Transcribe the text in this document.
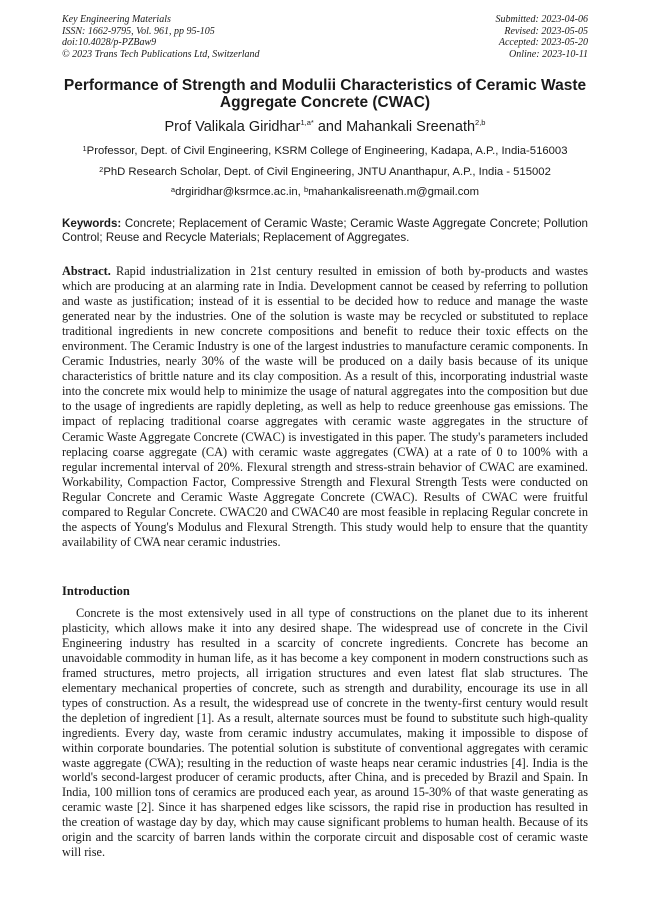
Key Engineering Materials
ISSN: 1662-9795, Vol. 961, pp 95-105
doi:10.4028/p-PZBaw9
© 2023 Trans Tech Publications Ltd, Switzerland
Submitted: 2023-04-06
Revised: 2023-05-05
Accepted: 2023-05-20
Online: 2023-10-11
Performance of Strength and Modulii Characteristics of Ceramic Waste
Aggregate Concrete (CWAC)
Prof Valikala Giridhar$^{1,a*}$ and Mahankali Sreenath$^{2,b}$
$^1$Professor, Dept. of Civil Engineering, KSRM College of Engineering, Kadapa, A.P., India-516003
$^2$PhD Research Scholar, Dept. of Civil Engineering, JNTU Ananthapur, A.P., India - 515002
$^a$drgiridhar@ksrmce.ac.in, $^b$mahankalisreenath.m@gmail.com
Keywords: Concrete; Replacement of Ceramic Waste; Ceramic Waste Aggregate Concrete; Pollution Control; Reuse and Recycle Materials; Replacement of Aggregates.

Abstract. Rapid industrialization in 21st century resulted in emission of both by-products and wastes which are producing at an alarming rate in India. Development cannot be ceased by referring to pollution and waste as justification; instead of it is essential to be decided how to reduce and manage the waste generated near by the industries. One of the solution is waste may be recycled or substituted to replace traditional ingredients in new concrete compositions and benefit to reduce their toxic effects on the environment. The Ceramic Industry is one of the largest industries to manufacture ceramic components. In Ceramic Industries, nearly 30% of the waste will be produced on a daily basis because of its unique characteristics of brittle nature and its clay composition. As a result of this, incorporating industrial waste into the concrete mix would help to minimize the usage of natural aggregates into the composition but due to the usage of ingredients are rapidly depleting, as well as help to reduce greenhouse gas emissions. The impact of replacing traditional coarse aggregates with ceramic waste aggregates in the structure of Ceramic Waste Aggregate Concrete (CWAC) is investigated in this paper. The study's parameters included replacing coarse aggregate (CA) with ceramic waste aggregates (CWA) at a rate of 0 to 100% with a regular incremental interval of 20%. Flexural strength and stress-strain behavior of CWAC are examined. Workability, Compaction Factor, Compressive Strength and Flexural Strength Tests were conducted on Regular Concrete and Ceramic Waste Aggregate Concrete (CWAC). Results of CWAC were fruitful compared to Regular Concrete. CWAC20 and CWAC40 are most feasible in replacing Regular concrete in the aspects of Young's Modulus and Flexural Strength. This study would help to ensure that the quantity availability of CWA near ceramic industries.

Introduction

Concrete is the most extensively used in all type of constructions on the planet due to its inherent plasticity, which allows make it into any desired shape. The widespread use of concrete in the Civil Engineering industry has resulted in a scarcity of concrete ingredients. Concrete has become an unavoidable commodity in human life, as it has become a key component in modern constructions such as framed structures, metro projects, all irrigation structures and even latest flat slab structures. The elementary mechanical properties of concrete, such as strength and durability, encourage its use in all types of construction. As a result, the widespread use of concrete in the twenty-first century would result the depletion of ingredient [1]. As a result, alternate sources must be found to substitute such high-quality ingredients. Every day, waste from ceramic industry accumulates, making it impossible to dispose of within corporate boundaries. The potential solution is substitute of conventional aggregates with ceramic waste aggregate (CWA); resulting in the reduction of waste heaps near ceramic industries [4]. India is the world's second-largest producer of ceramic products, after China, and is preceded by Brazil and Spain. In India, 100 million tons of ceramics are produced each year, as around 15-30% of that waste generating as ceramic waste [2]. Since it has sharpened edges like scissors, the rapid rise in production has resulted in the creation of wastage day by day, which may cause significant problems to human health. Because of its origin and the scarcity of barren lands within the corporate circuit and disposable cost of ceramic waste will rise.
